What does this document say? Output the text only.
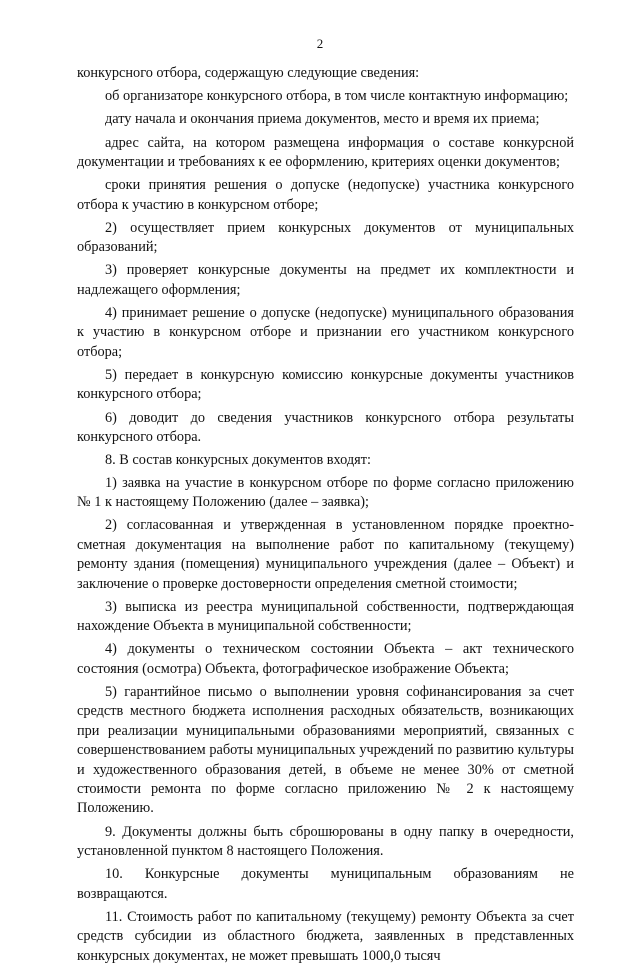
2

конкурсного отбора, содержащую следующие сведения:

об организаторе конкурсного отбора, в том числе контактную информацию;

дату начала и окончания приема документов, место и время их приема;

адрес сайта, на котором размещена информация о составе конкурсной документации и требованиях к ее оформлению, критериях оценки документов;

сроки принятия решения о допуске (недопуске) участника конкурсного отбора к участию в конкурсном отборе;

2) осуществляет прием конкурсных документов от муниципальных образований;

3) проверяет конкурсные документы на предмет их комплектности и надлежащего оформления;

4) принимает решение о допуске (недопуске) муниципального образования к участию в конкурсном отборе и признании его участником конкурсного отбора;

5) передает в конкурсную комиссию конкурсные документы участников конкурсного отбора;

6) доводит до сведения участников конкурсного отбора результаты конкурсного отбора.

8. В состав конкурсных документов входят:

1) заявка на участие в конкурсном отборе по форме согласно приложению № 1 к настоящему Положению (далее – заявка);

2) согласованная и утвержденная в установленном порядке проектно-сметная документация на выполнение работ по капитальному (текущему) ремонту здания (помещения) муниципального учреждения (далее – Объект) и заключение о проверке достоверности определения сметной стоимости;

3) выписка из реестра муниципальной собственности, подтверждающая нахождение Объекта в муниципальной собственности;

4) документы о техническом состоянии Объекта – акт технического состояния (осмотра) Объекта, фотографическое изображение Объекта;

5) гарантийное письмо о выполнении уровня софинансирования за счет средств местного бюджета исполнения расходных обязательств, возникающих при реализации муниципальными образованиями мероприятий, связанных с совершенствованием работы муниципальных учреждений по развитию культуры и художественного образования детей, в объеме не менее 30% от сметной стоимости ремонта по форме согласно приложению № 2 к настоящему Положению.

9. Документы должны быть сброшюрованы в одну папку в очередности, установленной пунктом 8 настоящего Положения.

10. Конкурсные документы муниципальным образованиям не возвращаются.

11. Стоимость работ по капитальному (текущему) ремонту Объекта за счет средств субсидии из областного бюджета, заявленных в представленных конкурсных документах, не может превышать 1000,0 тысяч
